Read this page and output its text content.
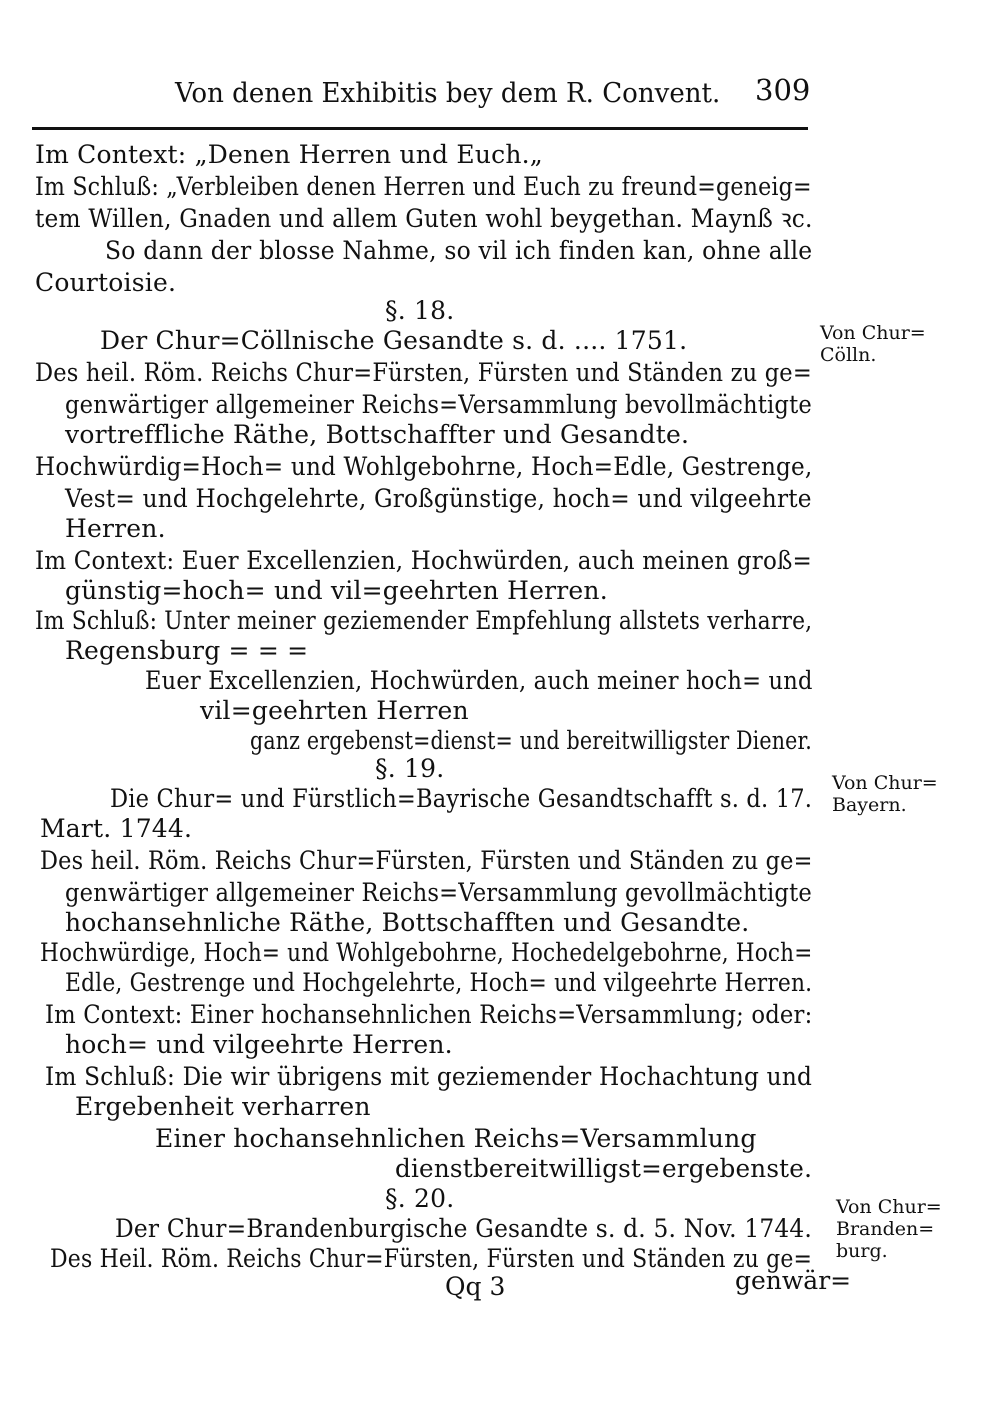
Von denen Exhibitis bey dem R. Convent. 309
Im Context: „Denen Herren und Euch.„
Im Schluß: „Verbleiben denen Herren und Euch zu freund=geneig=
tem Willen, Gnaden und allem Guten wohl beygethan. Maynß ꝛc.
So dann der blosse Nahme, so vil ich finden kan, ohne alle
Courtoisie.
§. 18.
Der Chur=Cöllnische Gesandte s. d. .... 1751.
Des heil. Röm. Reichs Chur=Fürsten, Fürsten und Ständen zu ge=
genwärtiger allgemeiner Reichs=Versammlung bevollmächtigte
vortreffliche Räthe, Bottschaffter und Gesandte.
Hochwürdig=Hoch= und Wohlgebohrne, Hoch=Edle, Gestrenge,
Vest= und Hochgelehrte, Großgünstige, hoch= und vilgeehrte
Herren.
Im Context: Euer Excellenzien, Hochwürden, auch meinen groß=
günstig=hoch= und vil=geehrten Herren.
Im Schluß: Unter meiner geziemender Empfehlung allstets verharre,
Regensburg = = =
Euer Excellenzien, Hochwürden, auch meiner hoch= und
vil=geehrten Herren
ganz ergebenst=dienst= und bereitwilligster Diener.
§. 19.
Die Chur= und Fürstlich=Bayrische Gesandtschafft s. d. 17.
Mart. 1744.
Des heil. Röm. Reichs Chur=Fürsten, Fürsten und Ständen zu ge=
genwärtiger allgemeiner Reichs=Versammlung gevollmächtigte
hochansehnliche Räthe, Bottschafften und Gesandte.
Hochwürdige, Hoch= und Wohlgebohrne, Hochedelgebohrne, Hoch=
Edle, Gestrenge und Hochgelehrte, Hoch= und vilgeehrte Herren.
Im Context: Einer hochansehnlichen Reichs=Versammlung; oder:
hoch= und vilgeehrte Herren.
Im Schluß: Die wir übrigens mit geziemender Hochachtung und
Ergebenheit verharren
Einer hochansehnlichen Reichs=Versammlung
dienstbereitwilligst=ergebenste.
§. 20.
Der Chur=Brandenburgische Gesandte s. d. 5. Nov. 1744.
Des Heil. Röm. Reichs Chur=Fürsten, Fürsten und Ständen zu ge=
Von Chur=
Cölln.
Von Chur=
Bayern.
Von Chur=
Branden=
burg.
Qq 3	genwär=
